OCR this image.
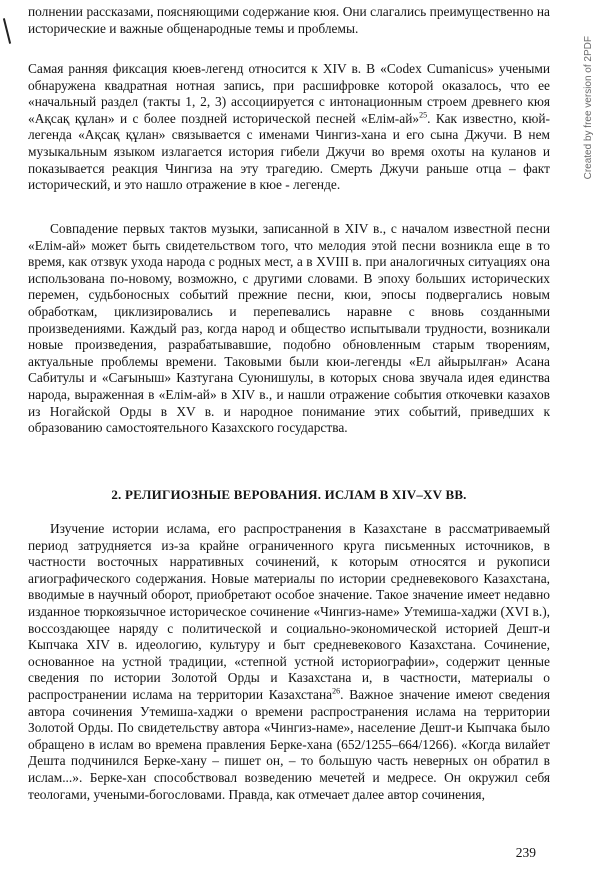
полнении рассказами, поясняющими содержание кюя. Они слагались преимущественно на исторические и важные общенародные темы и проблемы.

Самая ранняя фиксация кюев-легенд относится к XIV в. В «Codex Cumanicus» учеными обнаружена квадратная нотная запись, при расшифровке которой оказалось, что ее «начальный раздел (такты 1, 2, 3) ассоциируется с интонационным строем древнего кюя «Ақсақ құлан» и с более поздней исторической песней «Елім-ай»$^{25}$. Как известно, кюй-легенда «Ақсақ құлан» связывается с именами Чингиз-хана и его сына Джучи. В нем музыкальным языком излагается история гибели Джучи во время охоты на куланов и показывается реакция Чингиза на эту трагедию. Смерть Джучи раньше отца – факт исторический, и это нашло отражение в кюе - легенде.

Совпадение первых тактов музыки, записанной в XIV в., с началом известной песни «Елім-ай» может быть свидетельством того, что мелодия этой песни возникла еще в то время, как отзвук ухода народа с родных мест, а в XVIII в. при аналогичных ситуациях она использована по-новому, возможно, с другими словами. В эпоху больших исторических перемен, судьбоносных событий прежние песни, кюи, эпосы подвергались новым обработкам, циклизировались и перепевались наравне с вновь созданными произведениями. Каждый раз, когда народ и общество испытывали трудности, возникали новые произведения, разрабатывавшие, подобно обновленным старым творениям, актуальные проблемы времени. Таковыми были кюи-легенды «Ел айырылған» Асана Сабитулы и «Сағыныш» Казтугана Суюнишулы, в которых снова звучала идея единства народа, выраженная в «Елім-ай» в XIV в., и нашли отражение события откочевки казахов из Ногайской Орды в XV в. и народное понимание этих событий, приведших к образованию самостоятельного Казахского государства.

2. РЕЛИГИОЗНЫЕ ВЕРОВАНИЯ. ИСЛАМ В XIV–XV ВВ.

Изучение истории ислама, его распространения в Казахстане в рассматриваемый период затрудняется из-за крайне ограниченного круга письменных источников, в частности восточных нарративных сочинений, к которым относятся и рукописи агиографического содержания. Новые материалы по истории средневекового Казахстана, вводимые в научный оборот, приобретают особое значение. Такое значение имеет недавно изданное тюркоязычное историческое сочинение «Чингиз-наме» Утемиша-хаджи (XVI в.), воссоздающее наряду с политической и социально-экономической историей Дешт-и Кыпчака XIV в. идеологию, культуру и быт средневекового Казахстана. Сочинение, основанное на устной традиции, «степной устной историографии», содержит ценные сведения по истории Золотой Орды и Казахстана и, в частности, материалы о распространении ислама на территории Казахстана$^{26}$. Важное значение имеют сведения автора сочинения Утемиша-хаджи о времени распространения ислама на территории Золотой Орды. По свидетельству автора «Чингиз-наме», население Дешт-и Кыпчака было обращено в ислам во времена правления Берке-хана (652/1255–664/1266). «Когда вилайет Дешта подчинился Берке-хану – пишет он, – то большую часть неверных он обратил в ислам...». Берке-хан способствовал возведению мечетей и медресе. Он окружил себя теологами, учеными-богословами. Правда, как отмечает далее автор сочинения,

239
Created by free version of 2PDF
